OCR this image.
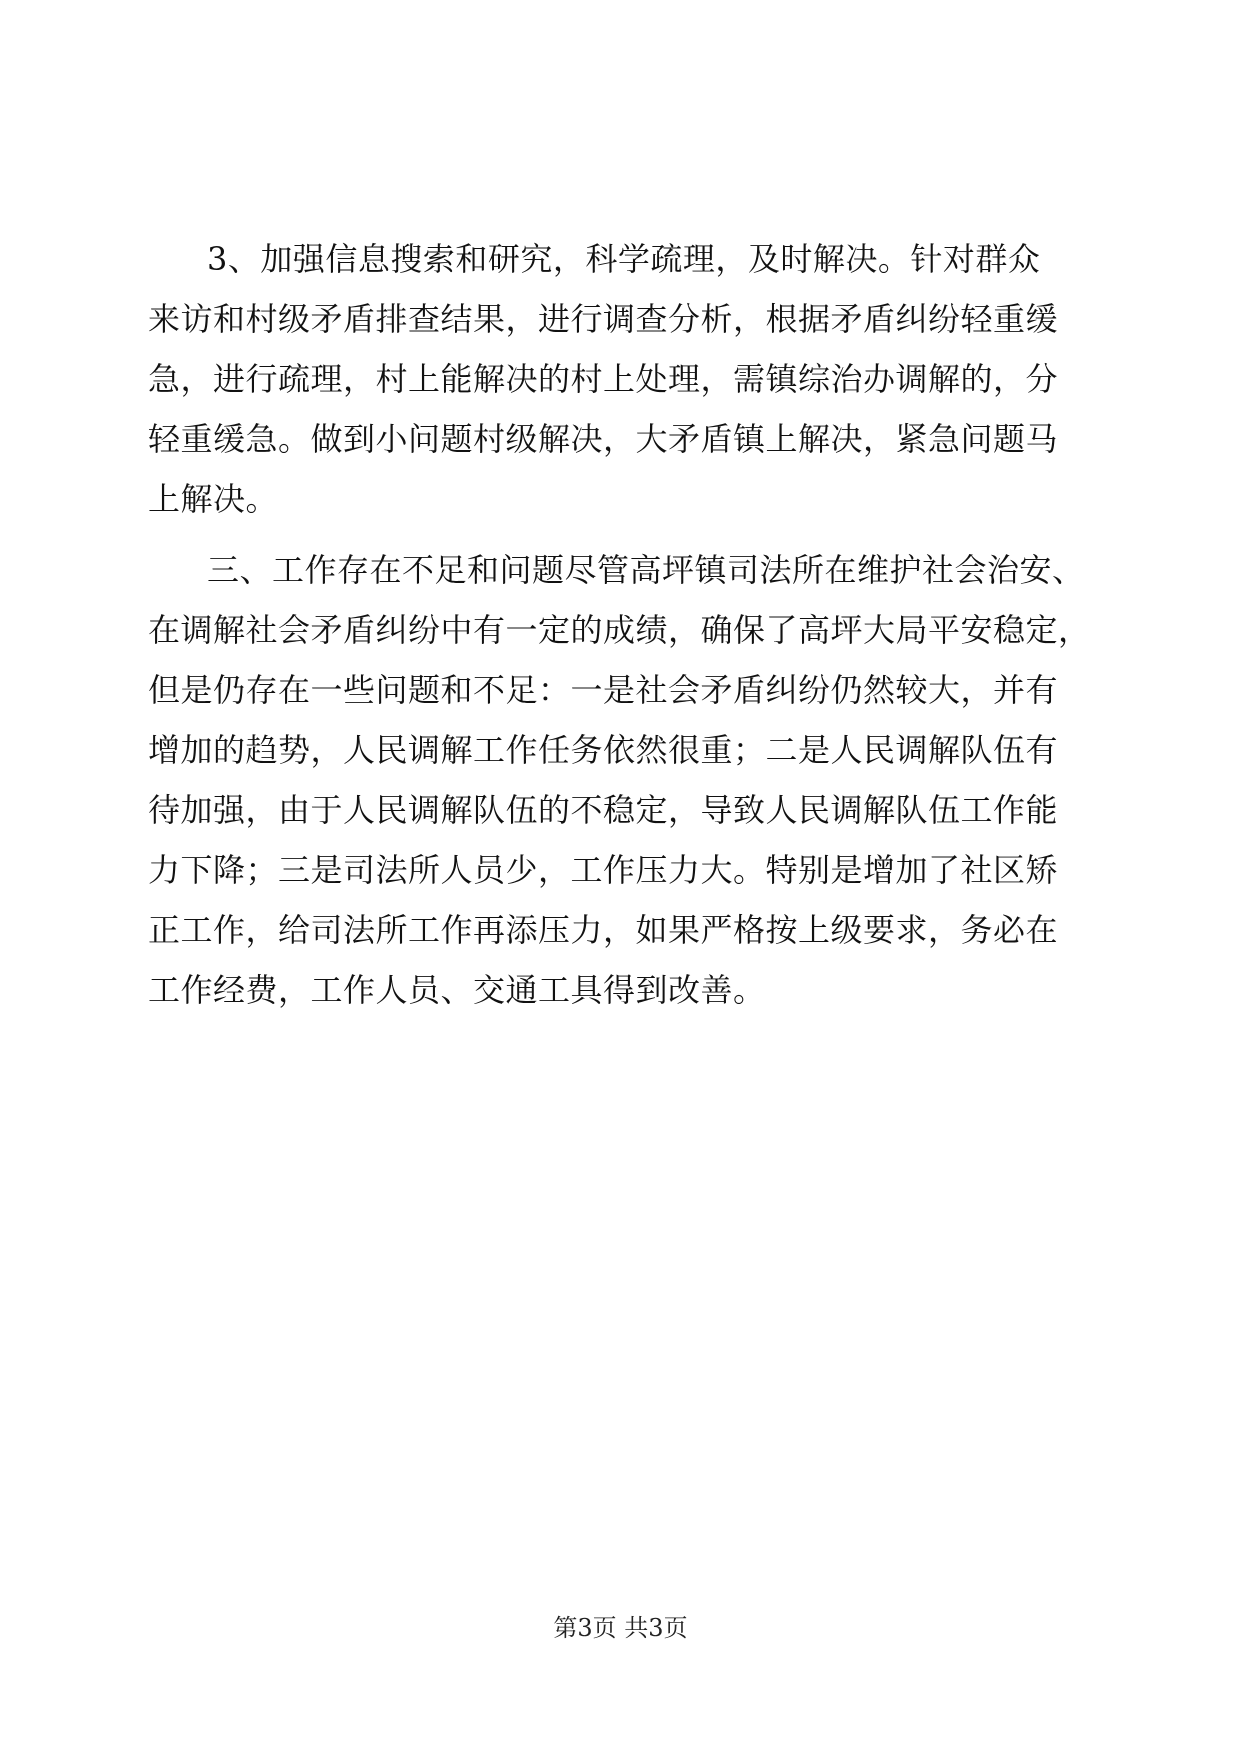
3、加强信息搜索和研究，科学疏理，及时解决。针对群众
来访和村级矛盾排查结果，进行调查分析，根据矛盾纠纷轻重缓
急，进行疏理，村上能解决的村上处理，需镇综治办调解的，分
轻重缓急。做到小问题村级解决，大矛盾镇上解决，紧急问题马
上解决。
三、工作存在不足和问题尽管高坪镇司法所在维护社会治安、
在调解社会矛盾纠纷中有一定的成绩，确保了高坪大局平安稳定，
但是仍存在一些问题和不足：一是社会矛盾纠纷仍然较大，并有
增加的趋势，人民调解工作任务依然很重；二是人民调解队伍有
待加强，由于人民调解队伍的不稳定，导致人民调解队伍工作能
力下降；三是司法所人员少，工作压力大。特别是增加了社区矫
正工作，给司法所工作再添压力，如果严格按上级要求，务必在
工作经费，工作人员、交通工具得到改善。
第3页 共3页
